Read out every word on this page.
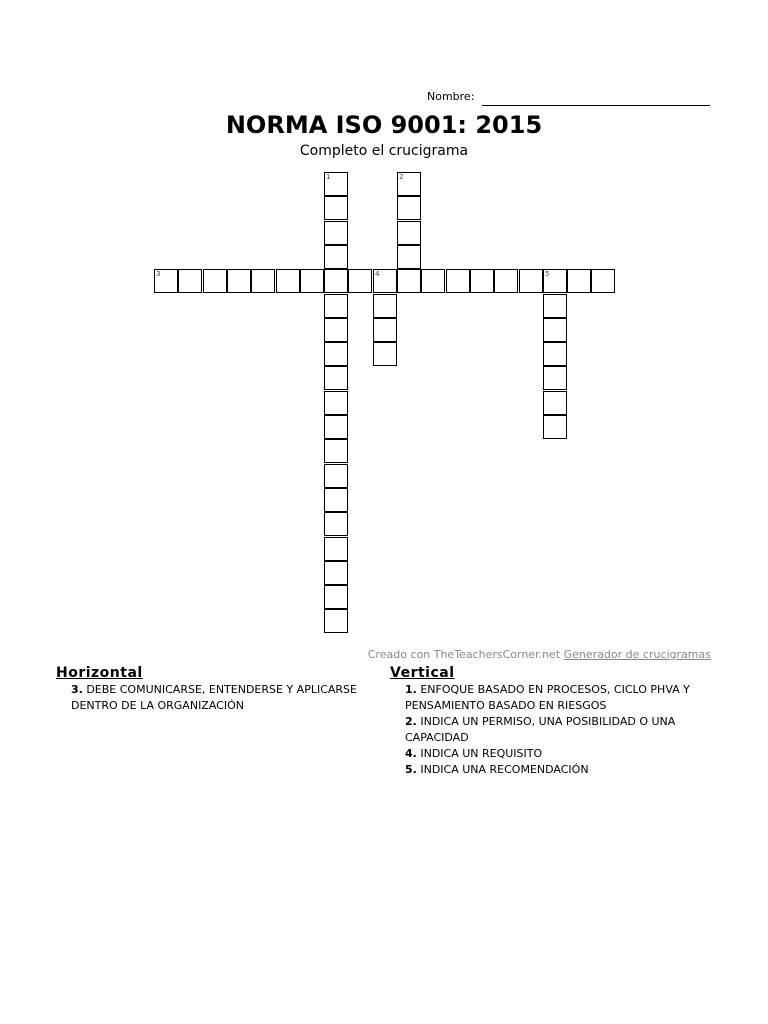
Nombre:
NORMA ISO 9001: 2015
Completo el crucigrama
1	2
3	4	5
Creado con TheTeachersCorner.net Generador de crucigramas
Horizontal
3. DEBE COMUNICARSE, ENTENDERSE Y APLICARSE DENTRO DE LA ORGANIZACIÓN
Vertical
1. ENFOQUE BASADO EN PROCESOS, CICLO PHVA Y PENSAMIENTO BASADO EN RIESGOS
2. INDICA UN PERMISO, UNA POSIBILIDAD O UNA CAPACIDAD
4. INDICA UN REQUISITO
5. INDICA UNA RECOMENDACIÓN
